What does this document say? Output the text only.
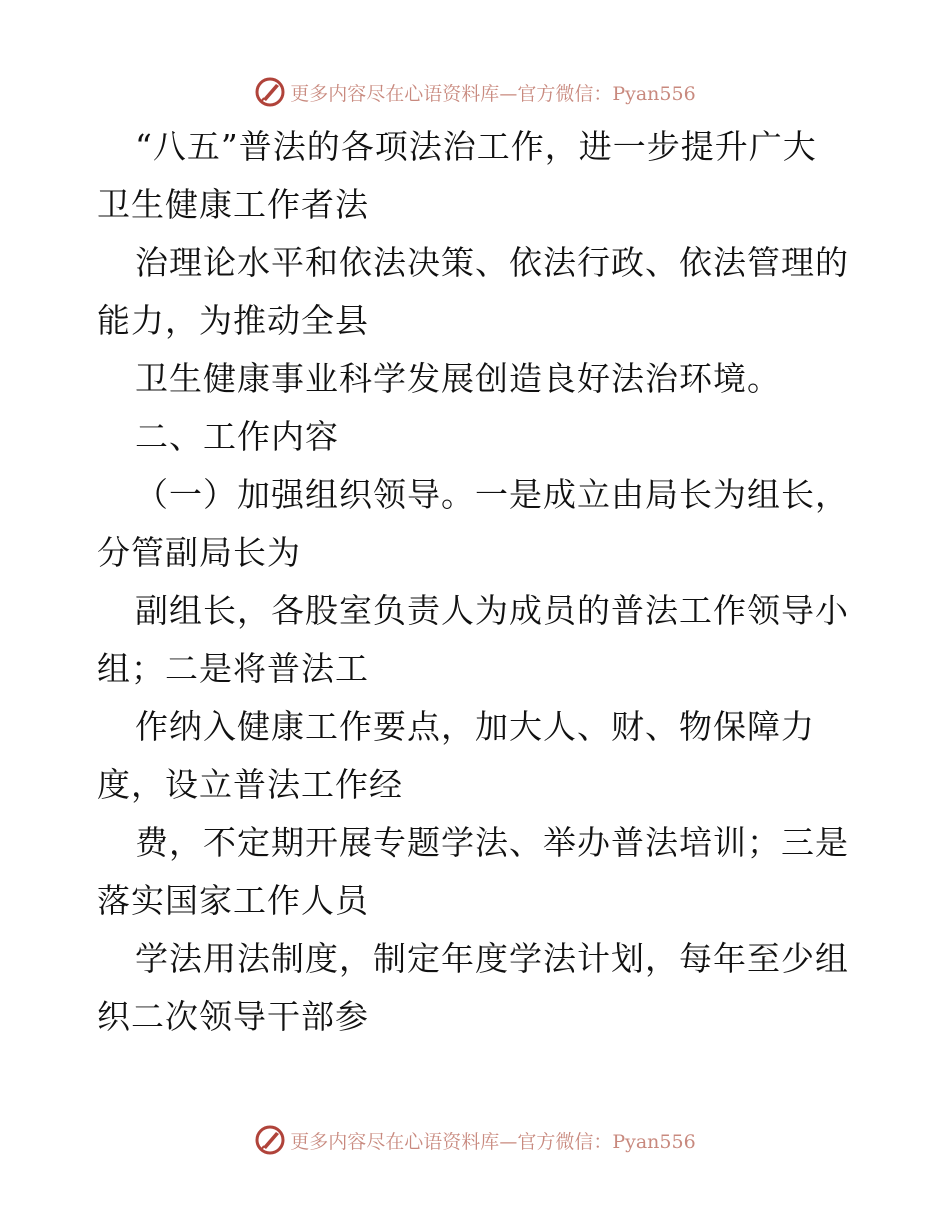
更多内容尽在心语资料库—官方微信：Pyan556
“八五”普法的各项法治工作，进一步提升广大
卫生健康工作者法
治理论水平和依法决策、依法行政、依法管理的
能力，为推动全县
卫生健康事业科学发展创造良好法治环境。
二、工作内容
（一）加强组织领导。一是成立由局长为组长，
分管副局长为
副组长，各股室负责人为成员的普法工作领导小
组；二是将普法工
作纳入健康工作要点，加大人、财、物保障力
度，设立普法工作经
费，不定期开展专题学法、举办普法培训；三是
落实国家工作人员
学法用法制度，制定年度学法计划，每年至少组
织二次领导干部参
更多内容尽在心语资料库—官方微信：Pyan556
